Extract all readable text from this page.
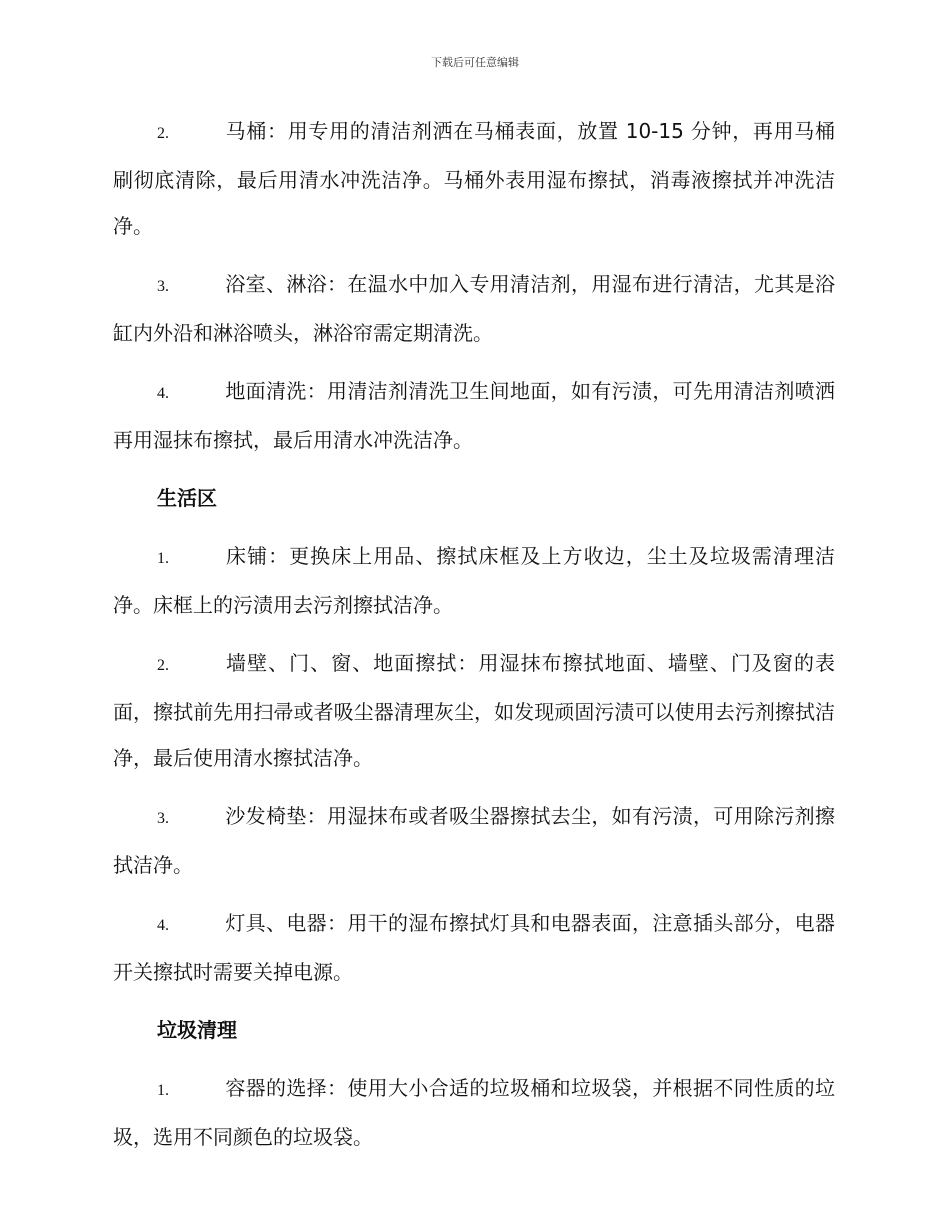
下载后可任意编辑

2.	马桶：用专用的清洁剂洒在马桶表面，放置 10-15 分钟，再用马桶刷彻底清除，最后用清水冲洗洁净。马桶外表用湿布擦拭，消毒液擦拭并冲洗洁净。

3.	浴室、淋浴：在温水中加入专用清洁剂，用湿布进行清洁，尤其是浴缸内外沿和淋浴喷头，淋浴帘需定期清洗。

4.	地面清洗：用清洁剂清洗卫生间地面，如有污渍，可先用清洁剂喷洒再用湿抹布擦拭，最后用清水冲洗洁净。

生活区

1.	床铺：更换床上用品、擦拭床框及上方收边，尘土及垃圾需清理洁净。床框上的污渍用去污剂擦拭洁净。

2.	墙壁、门、窗、地面擦拭：用湿抹布擦拭地面、墙壁、门及窗的表面，擦拭前先用扫帚或者吸尘器清理灰尘，如发现顽固污渍可以使用去污剂擦拭洁净，最后使用清水擦拭洁净。

3.	沙发椅垫：用湿抹布或者吸尘器擦拭去尘，如有污渍，可用除污剂擦拭洁净。

4.	灯具、电器：用干的湿布擦拭灯具和电器表面，注意插头部分，电器开关擦拭时需要关掉电源。

垃圾清理

1.	容器的选择：使用大小合适的垃圾桶和垃圾袋，并根据不同性质的垃圾，选用不同颜色的垃圾袋。
